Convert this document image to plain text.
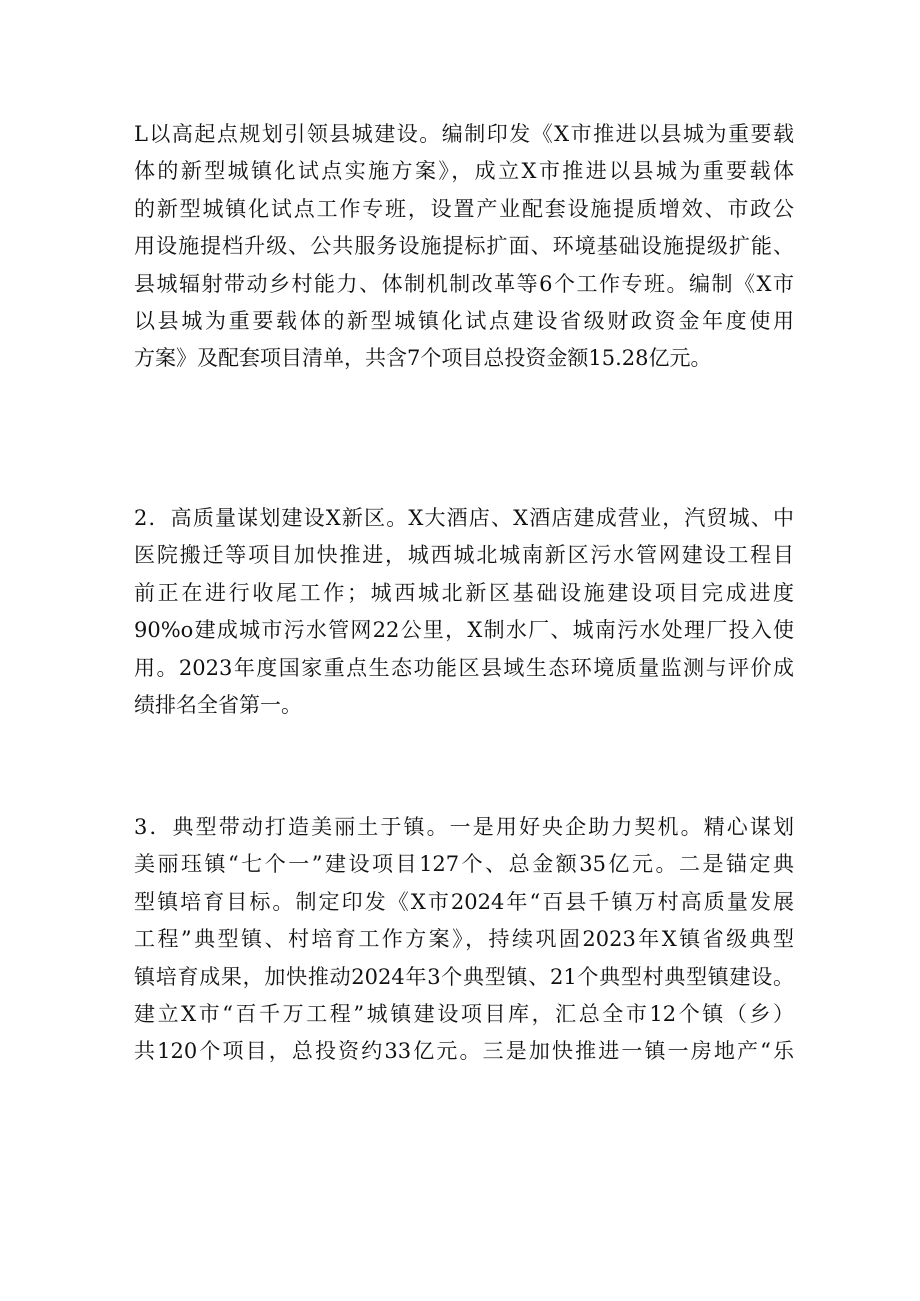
L以高起点规划引领县城建设。编制印发《X市推进以县城为重要载
体的新型城镇化试点实施方案》，成立X市推进以县城为重要载体
的新型城镇化试点工作专班，设置产业配套设施提质增效、市政公
用设施提档升级、公共服务设施提标扩面、环境基础设施提级扩能、
县城辐射带动乡村能力、体制机制改革等6个工作专班。编制《X市
以县城为重要载体的新型城镇化试点建设省级财政资金年度使用
方案》及配套项目清单，共含7个项目总投资金额15.28亿元。
2．高质量谋划建设X新区。X大酒店、X酒店建成营业，汽贸城、中
医院搬迁等项目加快推进，城西城北城南新区污水管网建设工程目
前正在进行收尾工作；城西城北新区基础设施建设项目完成进度
90%o建成城市污水管网22公里，X制水厂、城南污水处理厂投入使
用。2023年度国家重点生态功能区县域生态环境质量监测与评价成
绩排名全省第一。
3．典型带动打造美丽土于镇。一是用好央企助力契机。精心谋划
美丽珏镇“七个一”建设项目127个、总金额35亿元。二是锚定典
型镇培育目标。制定印发《X市2024年“百县千镇万村高质量发展
工程”典型镇、村培育工作方案》，持续巩固2023年X镇省级典型
镇培育成果，加快推动2024年3个典型镇、21个典型村典型镇建设。
建立X市“百千万工程”城镇建设项目库，汇总全市12个镇（乡）
共120个项目，总投资约33亿元。三是加快推进一镇一房地产“乐
